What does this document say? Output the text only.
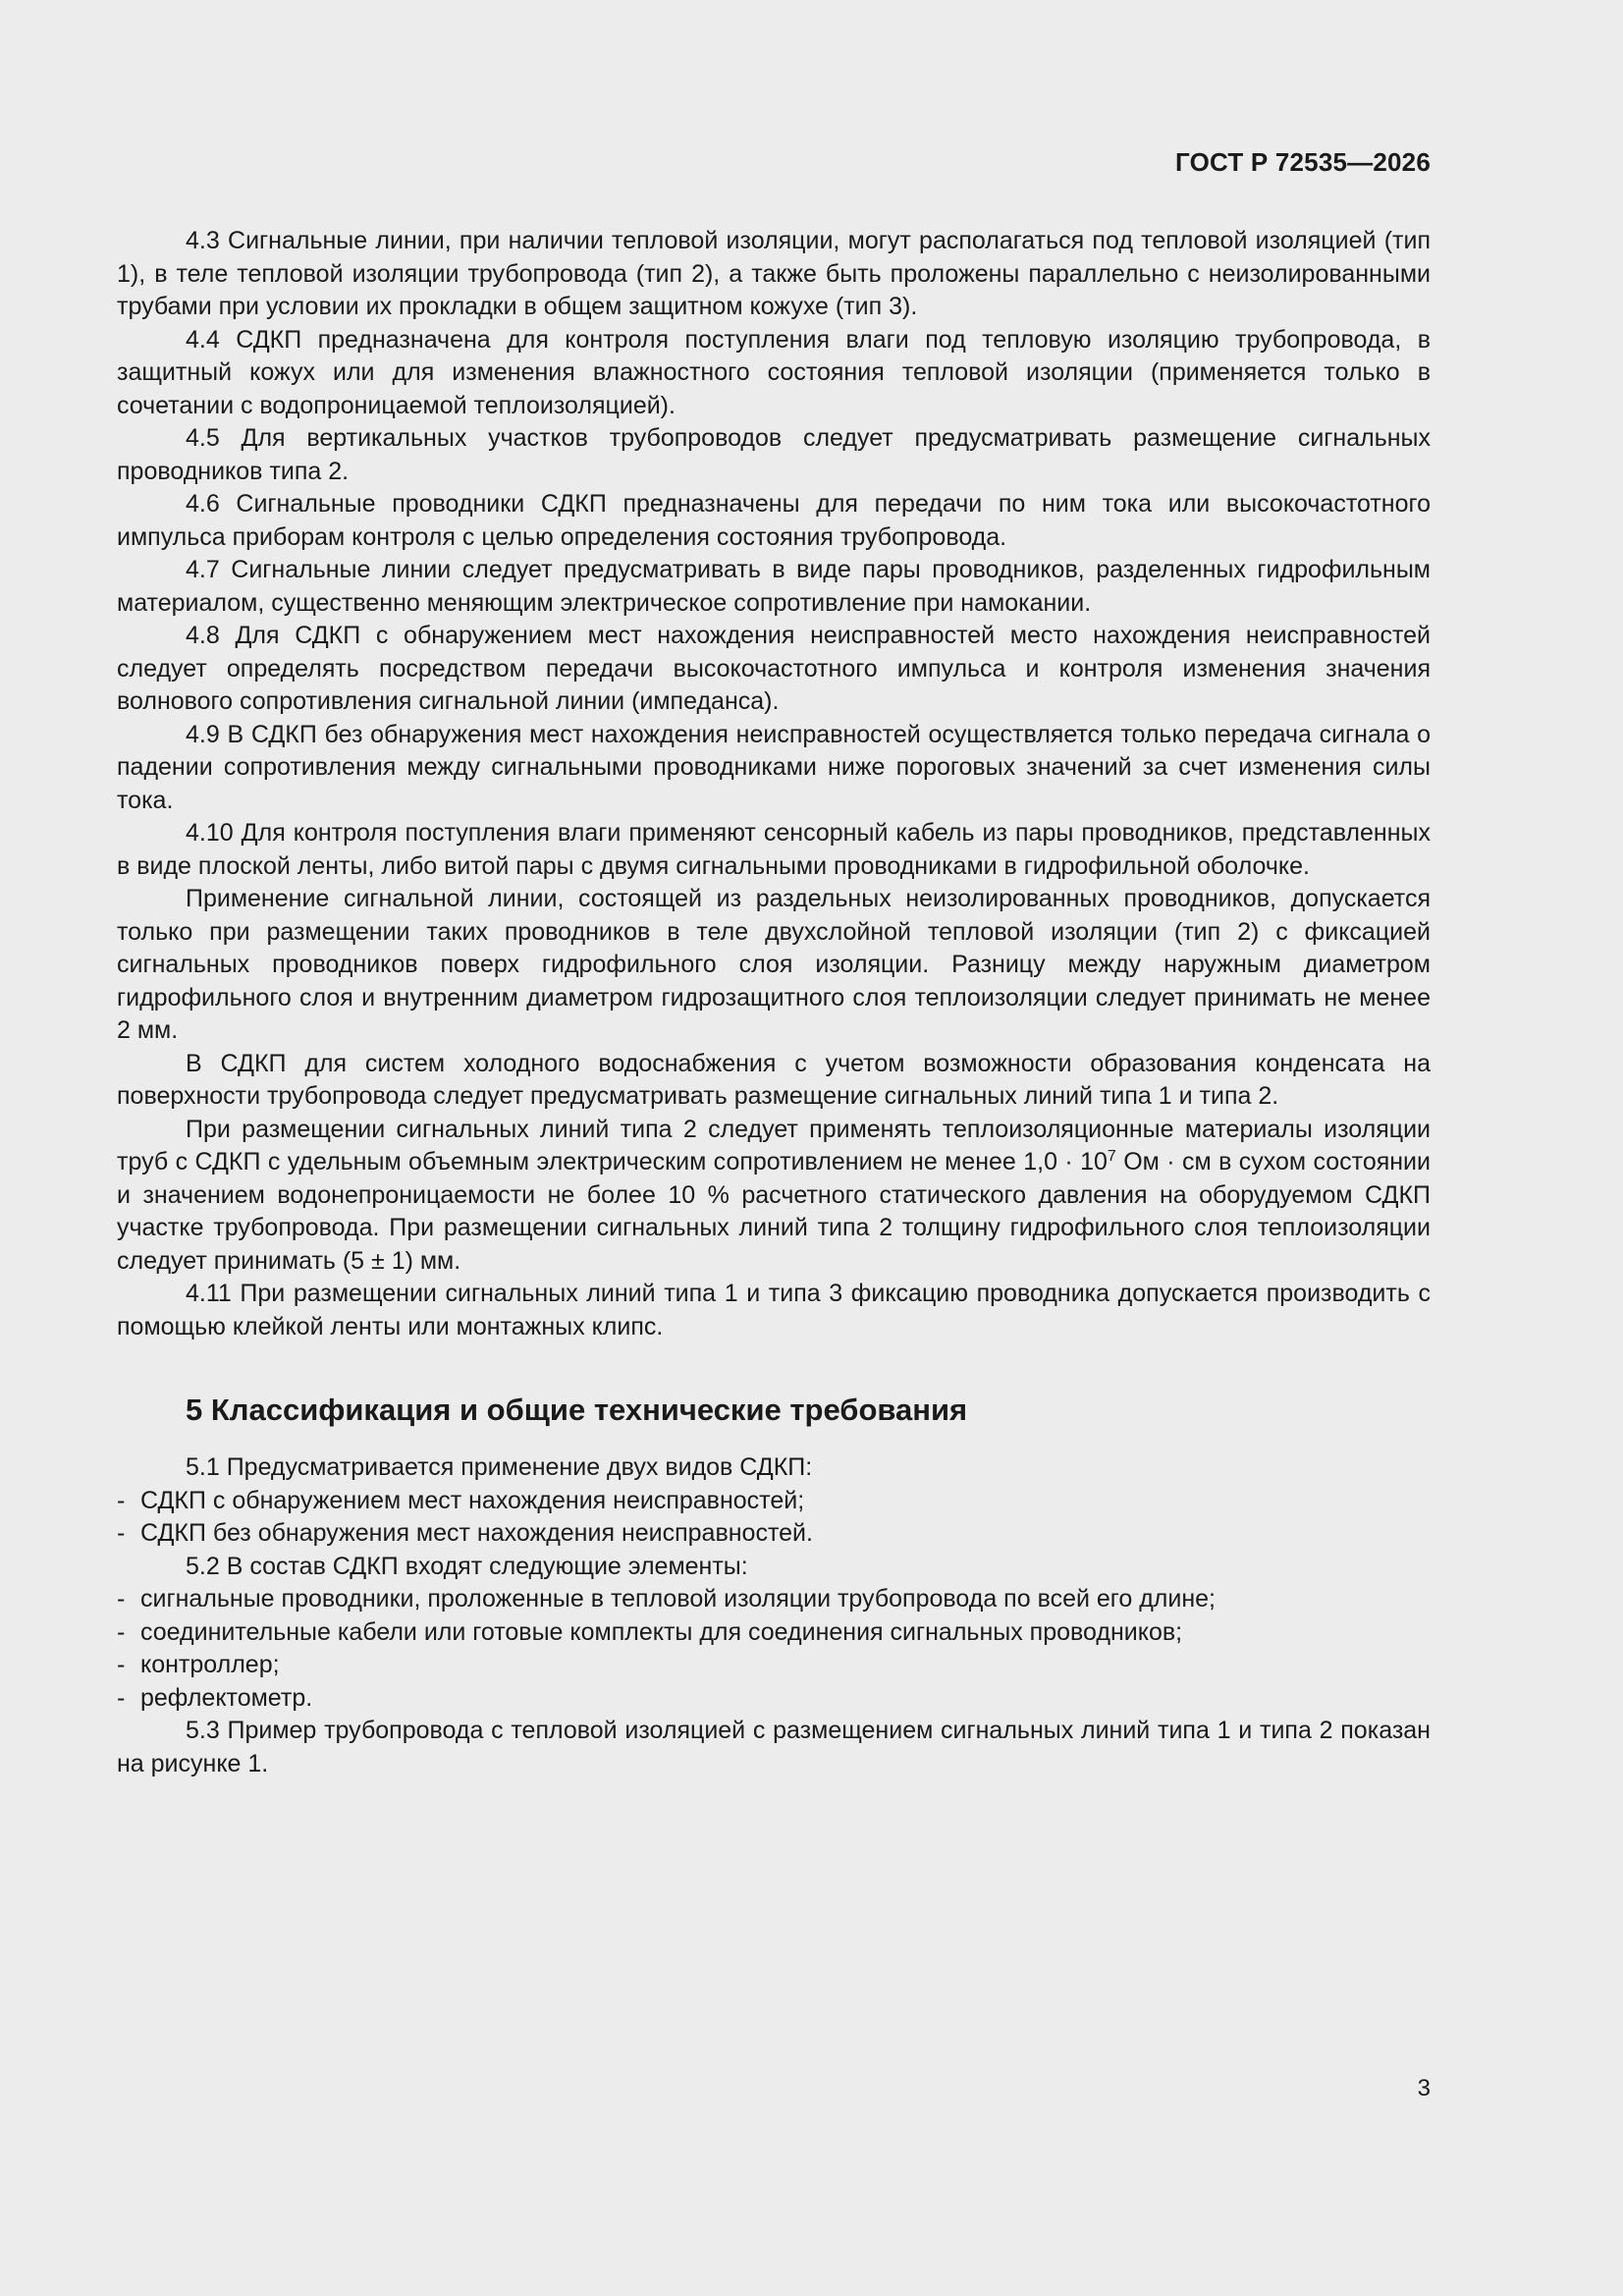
ГОСТ Р 72535—2026

4.3 Сигнальные линии, при наличии тепловой изоляции, могут располагаться под тепловой изоляцией (тип 1), в теле тепловой изоляции трубопровода (тип 2), а также быть проложены параллельно с неизолированными трубами при условии их прокладки в общем защитном кожухе (тип 3).

4.4 СДКП предназначена для контроля поступления влаги под тепловую изоляцию трубопровода, в защитный кожух или для изменения влажностного состояния тепловой изоляции (применяется только в сочетании с водопроницаемой теплоизоляцией).

4.5 Для вертикальных участков трубопроводов следует предусматривать размещение сигнальных проводников типа 2.

4.6 Сигнальные проводники СДКП предназначены для передачи по ним тока или высокочастотного импульса приборам контроля с целью определения состояния трубопровода.

4.7 Сигнальные линии следует предусматривать в виде пары проводников, разделенных гидрофильным материалом, существенно меняющим электрическое сопротивление при намокании.

4.8 Для СДКП с обнаружением мест нахождения неисправностей место нахождения неисправностей следует определять посредством передачи высокочастотного импульса и контроля изменения значения волнового сопротивления сигнальной линии (импеданса).

4.9 В СДКП без обнаружения мест нахождения неисправностей осуществляется только передача сигнала о падении сопротивления между сигнальными проводниками ниже пороговых значений за счет изменения силы тока.

4.10 Для контроля поступления влаги применяют сенсорный кабель из пары проводников, представленных в виде плоской ленты, либо витой пары с двумя сигнальными проводниками в гидрофильной оболочке.

Применение сигнальной линии, состоящей из раздельных неизолированных проводников, допускается только при размещении таких проводников в теле двухслойной тепловой изоляции (тип 2) с фиксацией сигнальных проводников поверх гидрофильного слоя изоляции. Разницу между наружным диаметром гидрофильного слоя и внутренним диаметром гидрозащитного слоя теплоизоляции следует принимать не менее 2 мм.

В СДКП для систем холодного водоснабжения с учетом возможности образования конденсата на поверхности трубопровода следует предусматривать размещение сигнальных линий типа 1 и типа 2.

При размещении сигнальных линий типа 2 следует применять теплоизоляционные материалы изоляции труб с СДКП с удельным объемным электрическим сопротивлением не менее $1,0 \cdot 10^7$ Ом · см в сухом состоянии и значением водонепроницаемости не более 10 % расчетного статического давления на оборудуемом СДКП участке трубопровода. При размещении сигнальных линий типа 2 толщину гидрофильного слоя теплоизоляции следует принимать (5 ± 1) мм.

4.11 При размещении сигнальных линий типа 1 и типа 3 фиксацию проводника допускается производить с помощью клейкой ленты или монтажных клипс.

5 Классификация и общие технические требования

5.1 Предусматривается применение двух видов СДКП:

- СДКП с обнаружением мест нахождения неисправностей;

- СДКП без обнаружения мест нахождения неисправностей.

5.2 В состав СДКП входят следующие элементы:

- сигнальные проводники, проложенные в тепловой изоляции трубопровода по всей его длине;

- соединительные кабели или готовые комплекты для соединения сигнальных проводников;

- контроллер;

- рефлектометр.

5.3 Пример трубопровода с тепловой изоляцией с размещением сигнальных линий типа 1 и типа 2 показан на рисунке 1.

3
